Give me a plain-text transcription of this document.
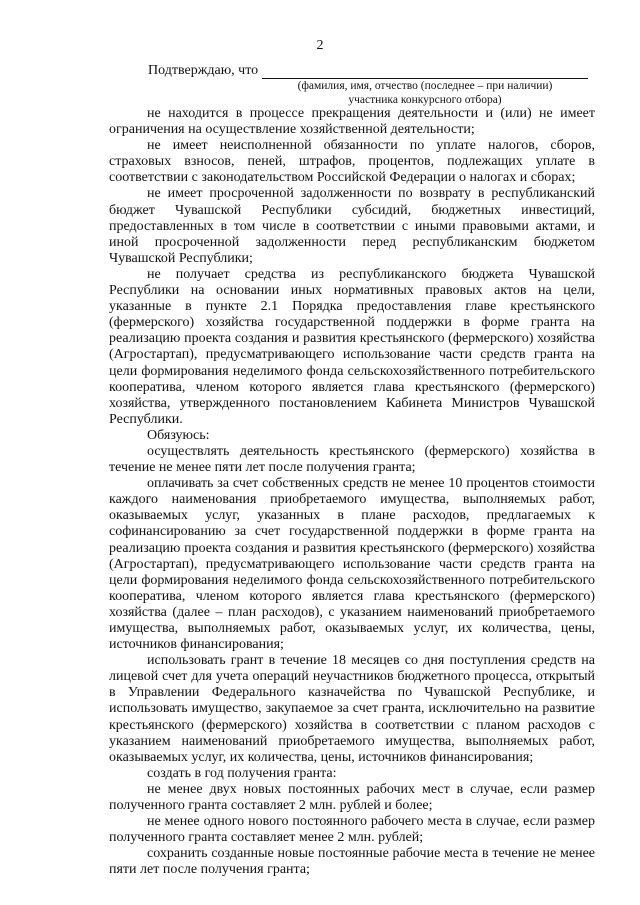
2
Подтверждаю, что
(фамилия, имя, отчество (последнее – при наличии)
участника конкурсного отбора)

не находится в процессе прекращения деятельности и (или) не имеет ограничения на осуществление хозяйственной деятельности;

не имеет неисполненной обязанности по уплате налогов, сборов, страховых взносов, пеней, штрафов, процентов, подлежащих уплате в соответствии с законодательством Российской Федерации о налогах и сборах;

не имеет просроченной задолженности по возврату в республиканский бюджет Чувашской Республики субсидий, бюджетных инвестиций, предоставленных в том числе в соответствии с иными правовыми актами, и иной просроченной задолженности перед республиканским бюджетом Чувашской Республики;

не получает средства из республиканского бюджета Чувашской Республики на основании иных нормативных правовых актов на цели, указанные в пункте 2.1 Порядка предоставления главе крестьянского (фермерского) хозяйства государственной поддержки в форме гранта на реализацию проекта создания и развития крестьянского (фермерского) хозяйства (Агростартап), предусматривающего использование части средств гранта на цели формирования неделимого фонда сельскохозяйственного потребительского кооператива, членом которого является глава крестьянского (фермерского) хозяйства, утвержденного постановлением Кабинета Министров Чувашской Республики.

Обязуюсь:

осуществлять деятельность крестьянского (фермерского) хозяйства в течение не менее пяти лет после получения гранта;

оплачивать за счет собственных средств не менее 10 процентов стоимости каждого наименования приобретаемого имущества, выполняемых работ, оказываемых услуг, указанных в плане расходов, предлагаемых к софинансированию за счет государственной поддержки в форме гранта на реализацию проекта создания и развития крестьянского (фермерского) хозяйства (Агростартап), предусматривающего использование части средств гранта на цели формирования неделимого фонда сельскохозяйственного потребительского кооператива, членом которого является глава крестьянского (фермерского) хозяйства (далее – план расходов), с указанием наименований приобретаемого имущества, выполняемых работ, оказываемых услуг, их количества, цены, источников финансирования;

использовать грант в течение 18 месяцев со дня поступления средств на лицевой счет для учета операций неучастников бюджетного процесса, открытый в Управлении Федерального казначейства по Чувашской Республике, и использовать имущество, закупаемое за счет гранта, исключительно на развитие крестьянского (фермерского) хозяйства в соответствии с планом расходов с указанием наименований приобретаемого имущества, выполняемых работ, оказываемых услуг, их количества, цены, источников финансирования;

создать в год получения гранта:

не менее двух новых постоянных рабочих мест в случае, если размер полученного гранта составляет 2 млн. рублей и более;

не менее одного нового постоянного рабочего места в случае, если размер полученного гранта составляет менее 2 млн. рублей;

сохранить созданные новые постоянные рабочие места в течение не менее пяти лет после получения гранта;
